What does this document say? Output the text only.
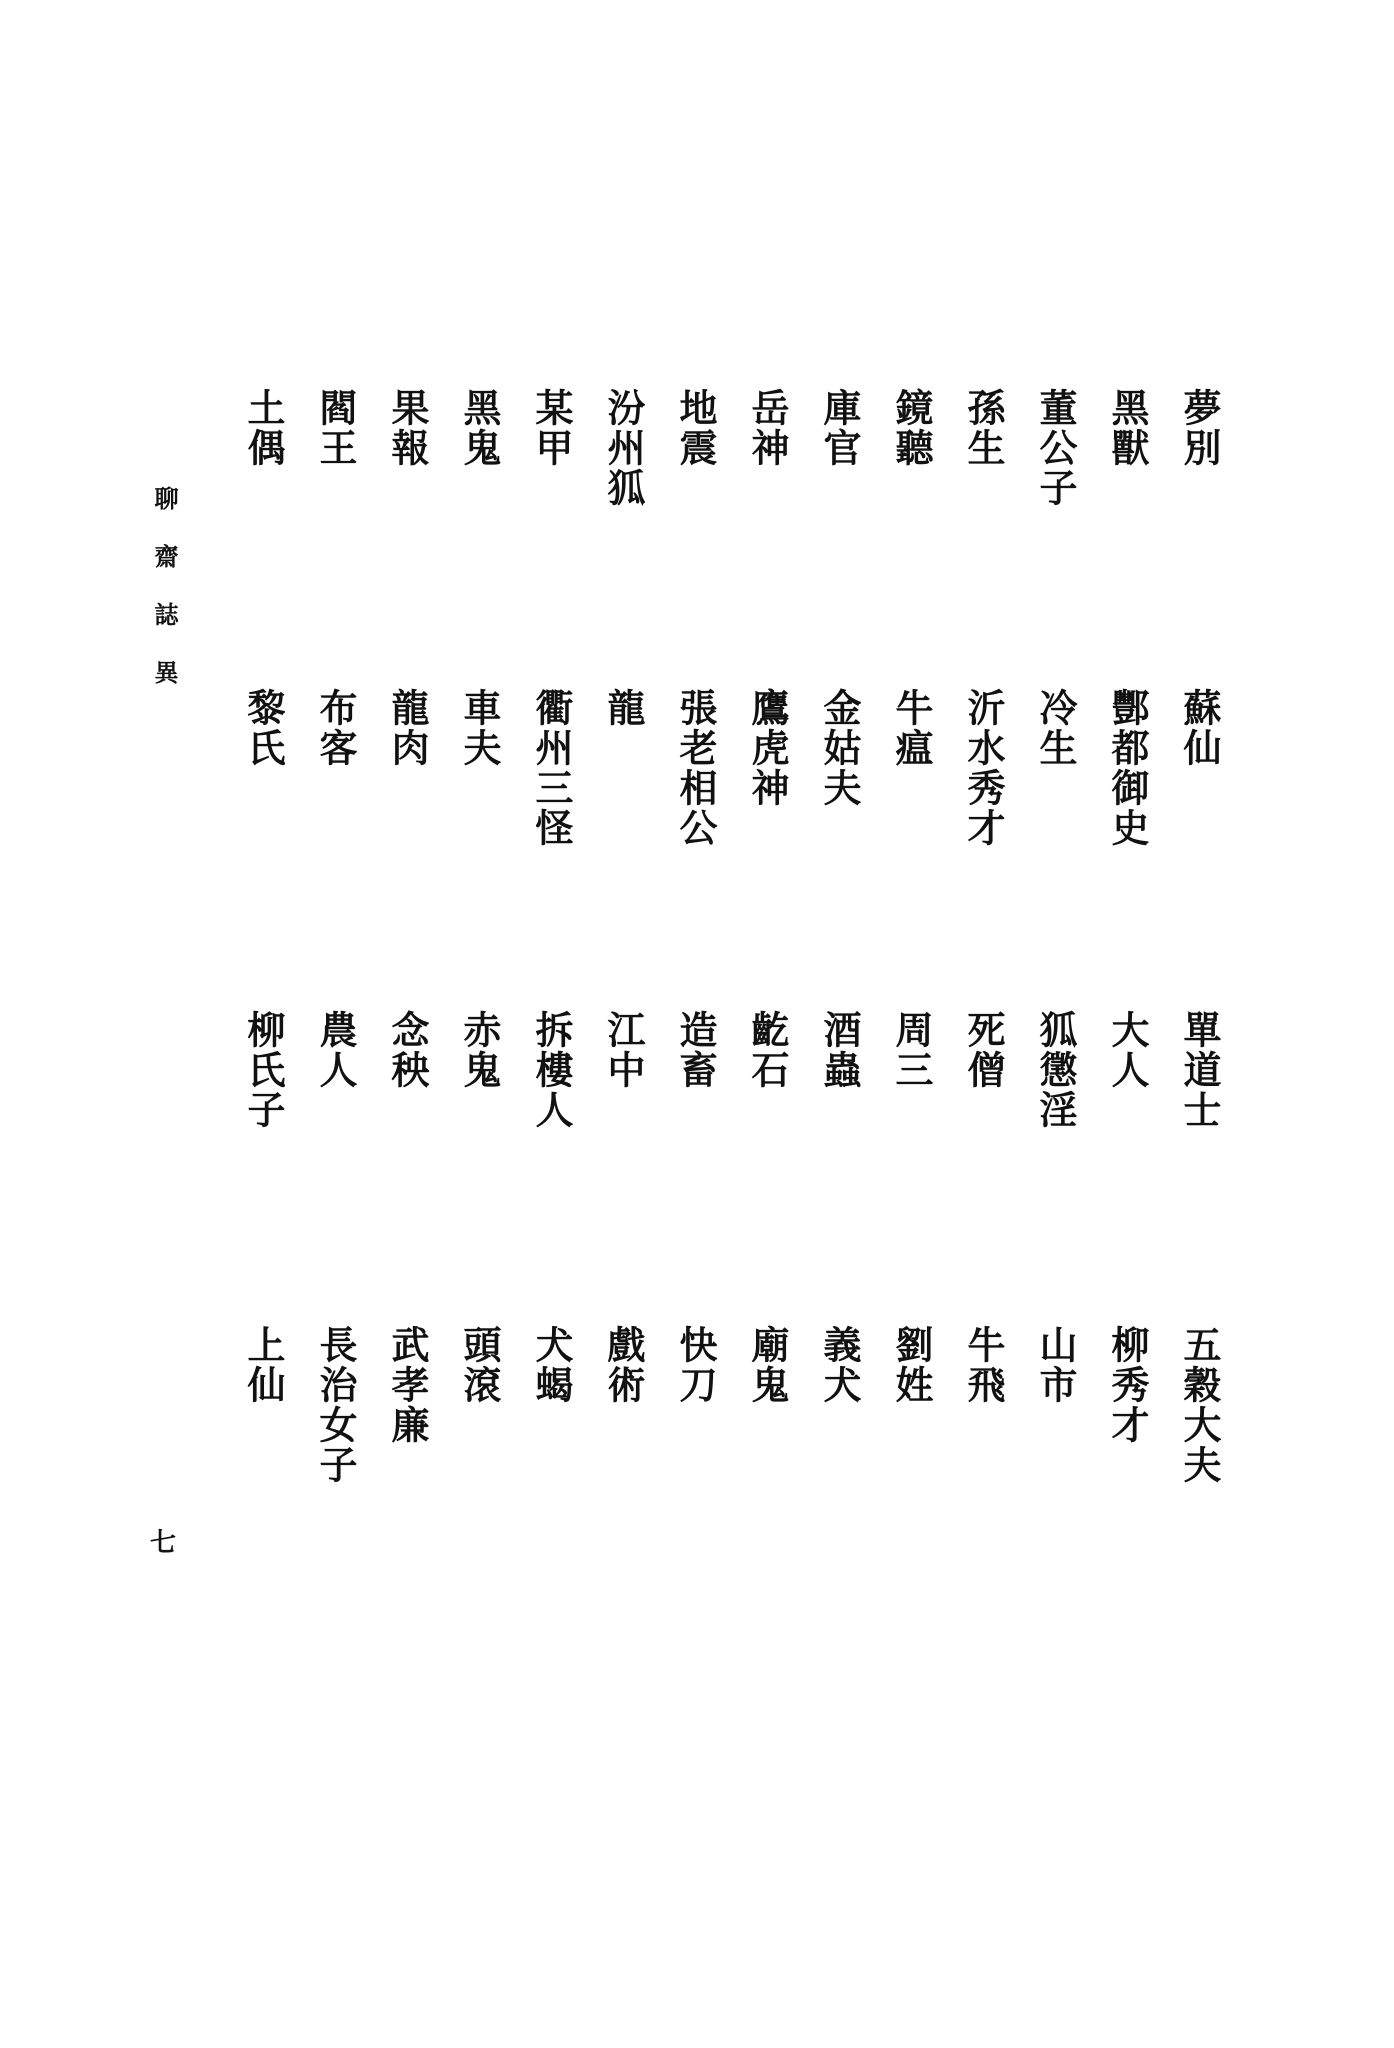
聊齋誌異
七
夢別
蘇仙
單道士
五穀大夫
黑獸
酆都御史
大人
柳秀才
董公子
冷生
狐懲淫
山市
孫生
沂水秀才
死僧
牛飛
鏡聽
牛瘟
周三
劉姓
庫官
金姑夫
酒蟲
義犬
岳神
鷹虎神
齕石
廟鬼
地震
張老相公
造畜
快刀
汾州狐
龍
江中
戲術
某甲
衢州三怪
拆樓人
犬蝎
黑鬼
車夫
赤鬼
頭滾
果報
龍肉
念秧
武孝廉
閻王
布客
農人
長治女子
土偶
黎氏
柳氏子
上仙
